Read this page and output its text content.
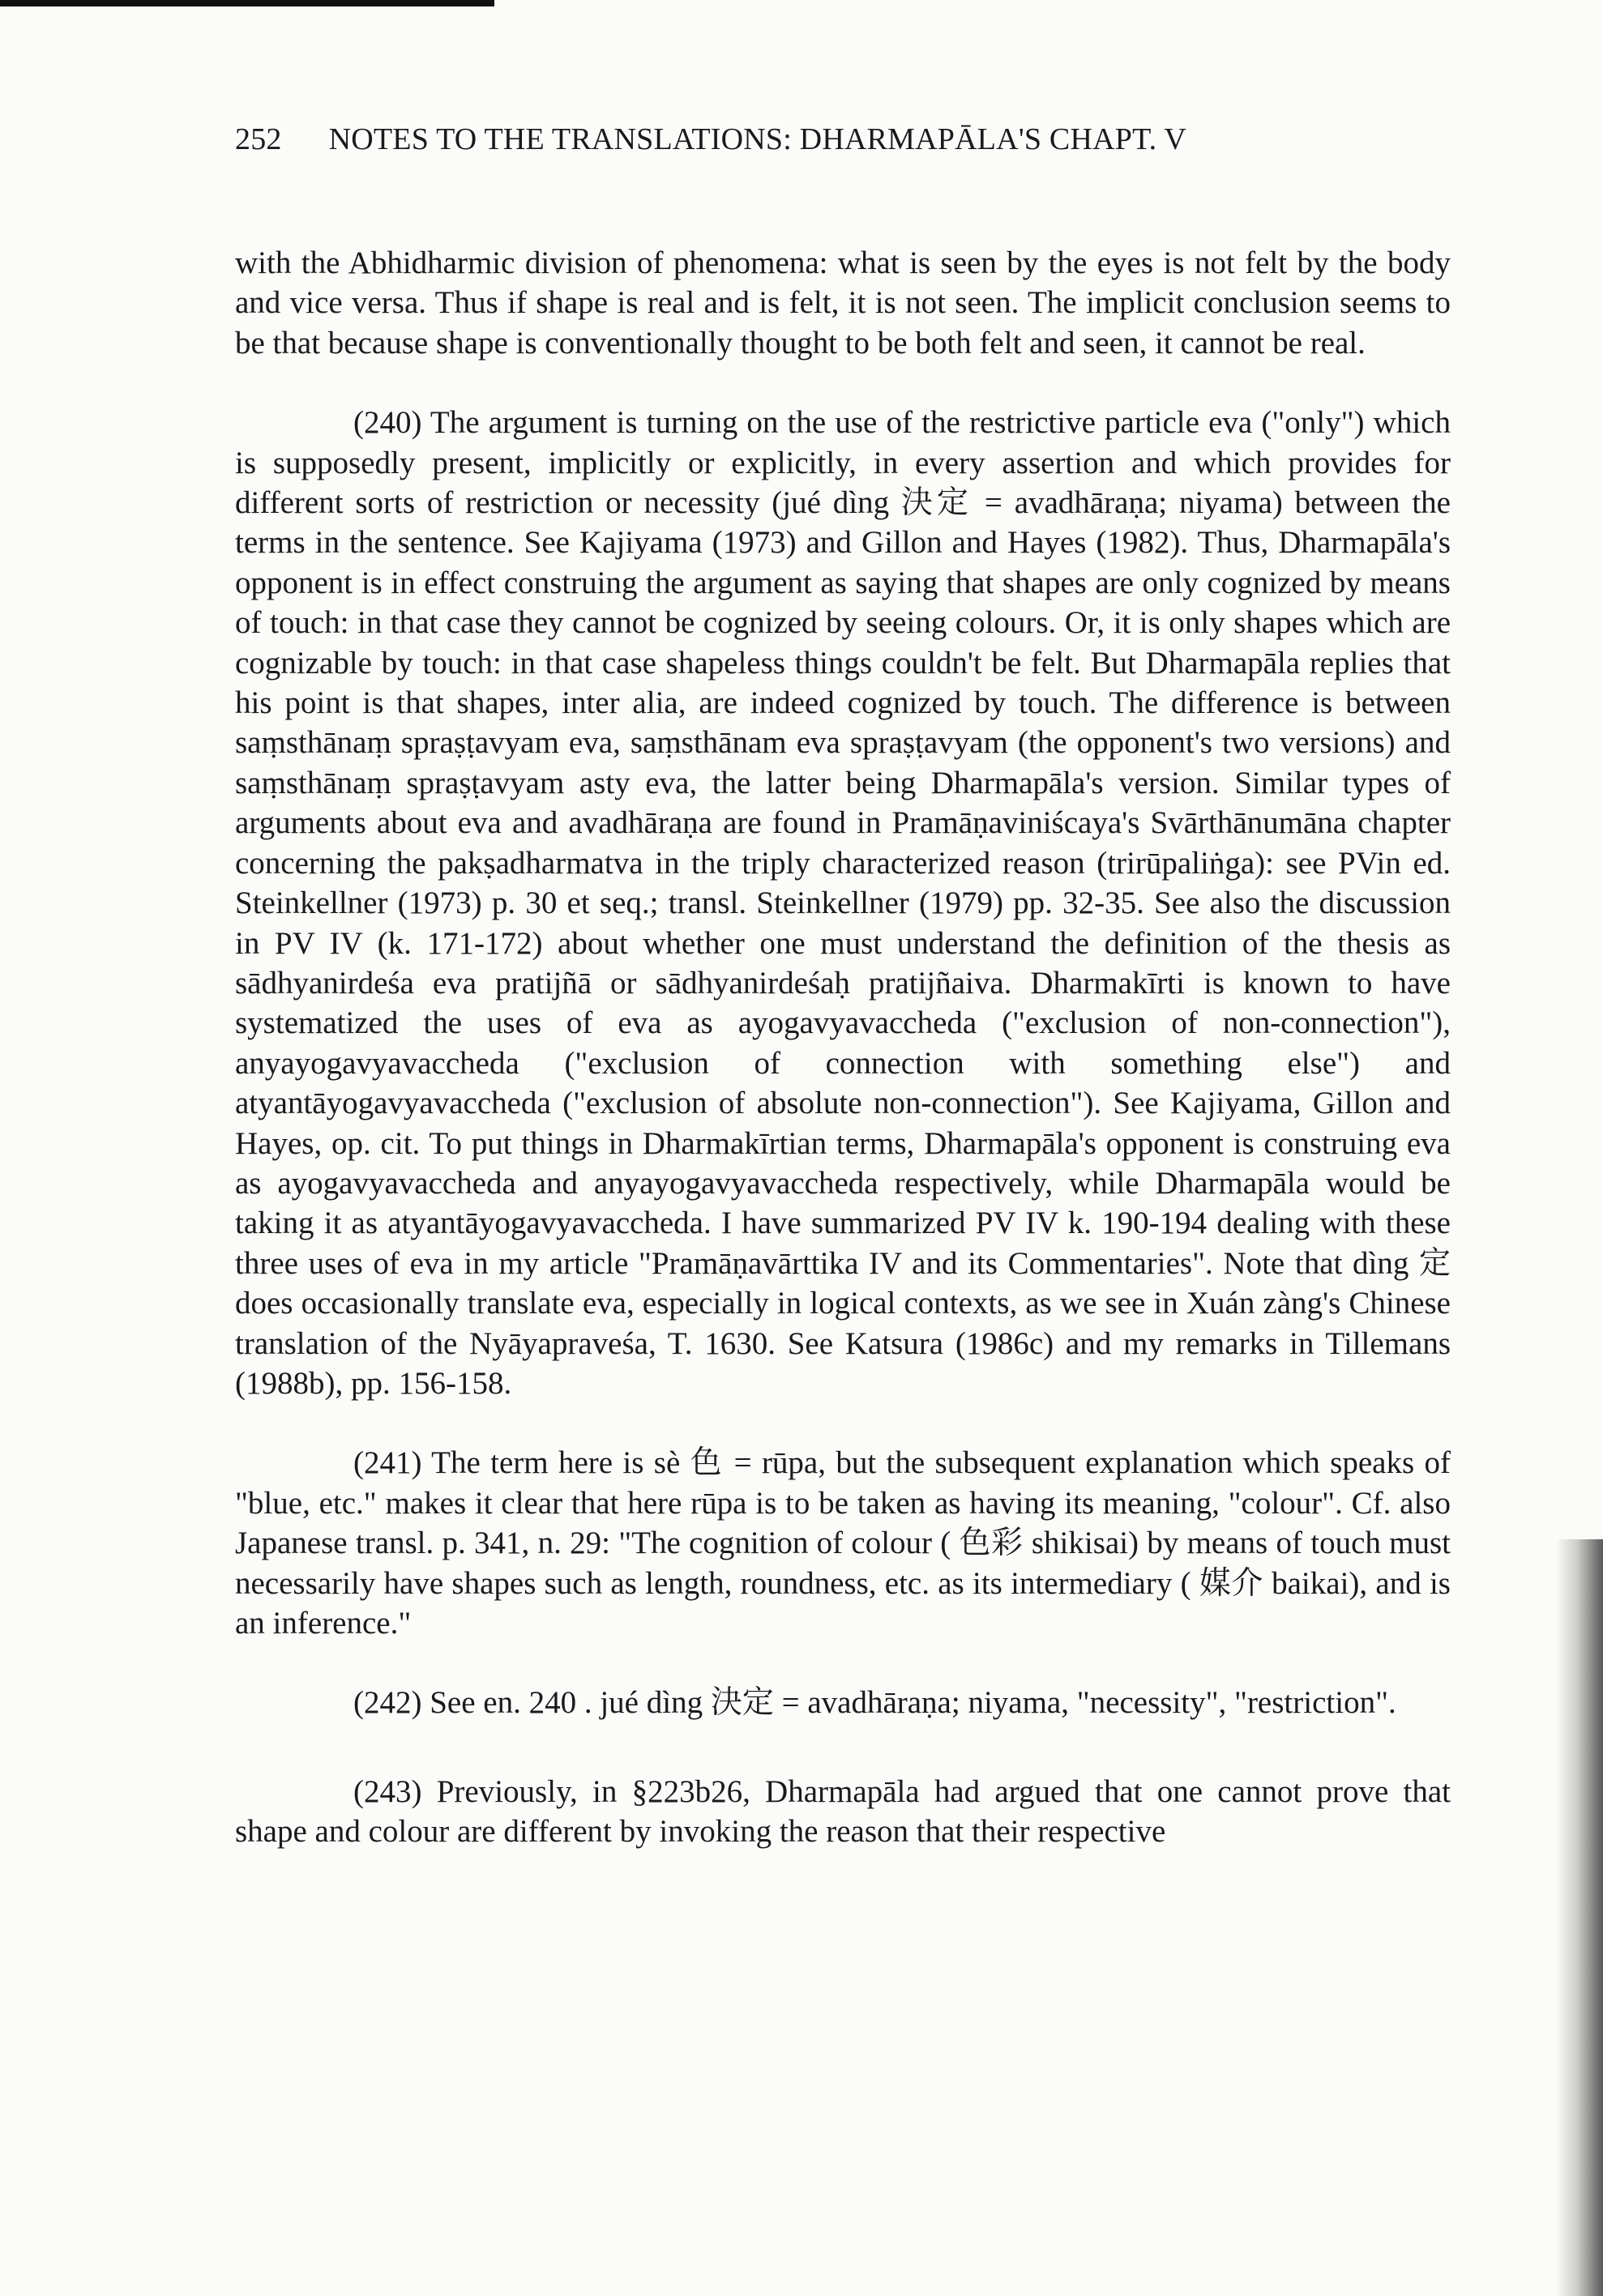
252 NOTES TO THE TRANSLATIONS: DHARMAPĀLA'S CHAPT. V

with the Abhidharmic division of phenomena: what is seen by the eyes is not felt by the body and vice versa. Thus if shape is real and is felt, it is not seen. The implicit conclusion seems to be that because shape is conventionally thought to be both felt and seen, it cannot be real.

(240) The argument is turning on the use of the restrictive particle eva ("only") which is supposedly present, implicitly or explicitly, in every assertion and which provides for different sorts of restriction or necessity (jué dìng 決定 = avadhāraṇa; niyama) between the terms in the sentence. See Kajiyama (1973) and Gillon and Hayes (1982). Thus, Dharmapāla's opponent is in effect construing the argument as saying that shapes are only cognized by means of touch: in that case they cannot be cognized by seeing colours. Or, it is only shapes which are cognizable by touch: in that case shapeless things couldn't be felt. But Dharmapāla replies that his point is that shapes, inter alia, are indeed cognized by touch. The difference is between saṃsthānaṃ spraṣṭavyam eva, saṃsthānam eva spraṣṭavyam (the opponent's two versions) and saṃsthānaṃ spraṣṭavyam asty eva, the latter being Dharmapāla's version. Similar types of arguments about eva and avadhāraṇa are found in Pramāṇaviniścaya's Svārthānumāna chapter concerning the pakṣadharmatva in the triply characterized reason (trirūpaliṅga): see PVin ed. Steinkellner (1973) p. 30 et seq.; transl. Steinkellner (1979) pp. 32-35. See also the discussion in PV IV (k. 171-172) about whether one must understand the definition of the thesis as sādhyanirdeśa eva pratijñā or sādhyanirdeśaḥ pratijñaiva. Dharmakīrti is known to have systematized the uses of eva as ayogavyavaccheda ("exclusion of non-connection"), anyayogavyavaccheda ("exclusion of connection with something else") and atyantāyogavyavaccheda ("exclusion of absolute non-connection"). See Kajiyama, Gillon and Hayes, op. cit. To put things in Dharmakīrtian terms, Dharmapāla's opponent is construing eva as ayogavyavaccheda and anyayogavyavaccheda respectively, while Dharmapāla would be taking it as atyantāyogavyavaccheda. I have summarized PV IV k. 190-194 dealing with these three uses of eva in my article "Pramāṇavārttika IV and its Commentaries". Note that dìng 定 does occasionally translate eva, especially in logical contexts, as we see in Xuán zàng's Chinese translation of the Nyāyapraveśa, T. 1630. See Katsura (1986c) and my remarks in Tillemans (1988b), pp. 156-158.

(241) The term here is sè 色 = rūpa, but the subsequent explanation which speaks of "blue, etc." makes it clear that here rūpa is to be taken as having its meaning, "colour". Cf. also Japanese transl. p. 341, n. 29: "The cognition of colour ( 色彩 shikisai) by means of touch must necessarily have shapes such as length, roundness, etc. as its intermediary ( 媒介 baikai), and is an inference."

(242) See en. 240 . jué dìng 決定 = avadhāraṇa; niyama, "necessity", "restriction".

(243) Previously, in §223b26, Dharmapāla had argued that one cannot prove that shape and colour are different by invoking the reason that their respective
